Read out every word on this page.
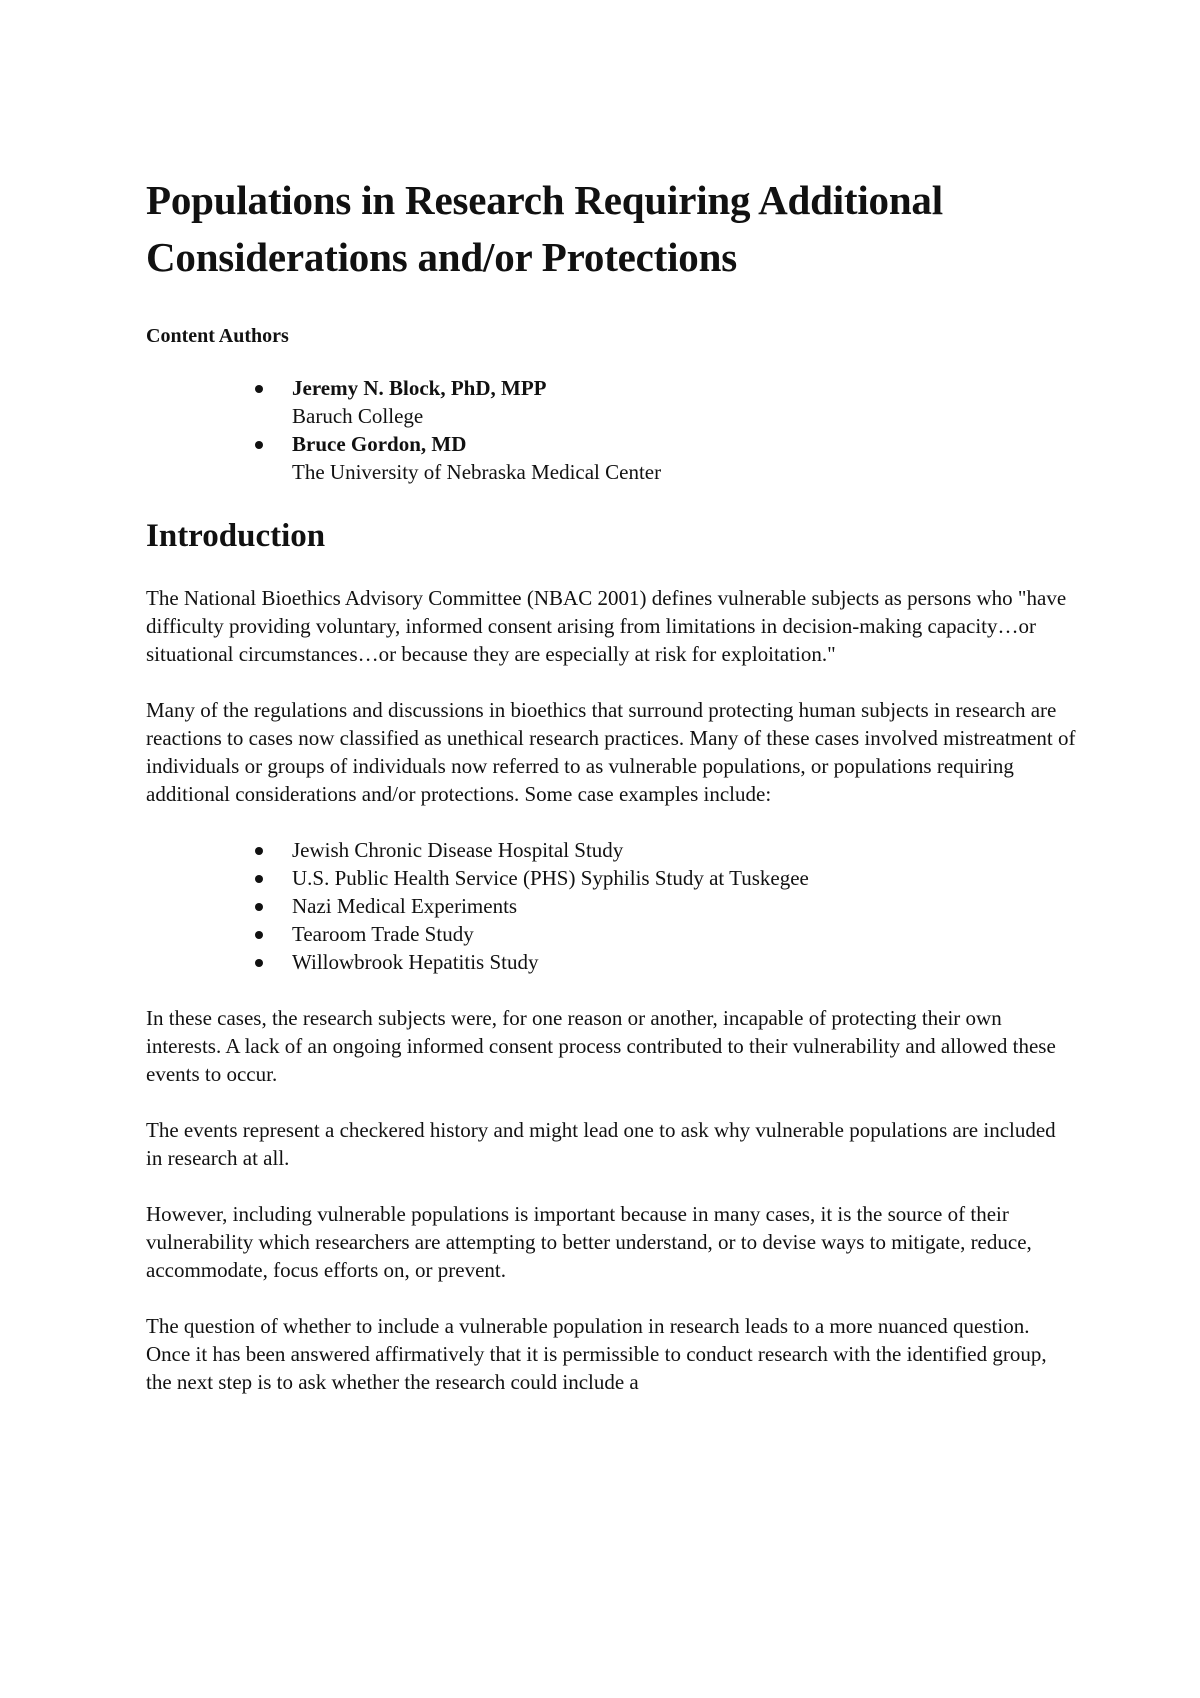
Populations in Research Requiring Additional Considerations and/or Protections
Content Authors
Jeremy N. Block, PhD, MPP
Baruch College
Bruce Gordon, MD
The University of Nebraska Medical Center
Introduction

The National Bioethics Advisory Committee (NBAC 2001) defines vulnerable subjects as persons who "have difficulty providing voluntary, informed consent arising from limitations in decision-making capacity…or situational circumstances…or because they are especially at risk for exploitation."

Many of the regulations and discussions in bioethics that surround protecting human subjects in research are reactions to cases now classified as unethical research practices. Many of these cases involved mistreatment of individuals or groups of individuals now referred to as vulnerable populations, or populations requiring additional considerations and/or protections. Some case examples include:

Jewish Chronic Disease Hospital Study
U.S. Public Health Service (PHS) Syphilis Study at Tuskegee
Nazi Medical Experiments
Tearoom Trade Study
Willowbrook Hepatitis Study

In these cases, the research subjects were, for one reason or another, incapable of protecting their own interests. A lack of an ongoing informed consent process contributed to their vulnerability and allowed these events to occur.

The events represent a checkered history and might lead one to ask why vulnerable populations are included in research at all.

However, including vulnerable populations is important because in many cases, it is the source of their vulnerability which researchers are attempting to better understand, or to devise ways to mitigate, reduce, accommodate, focus efforts on, or prevent.

The question of whether to include a vulnerable population in research leads to a more nuanced question. Once it has been answered affirmatively that it is permissible to conduct research with the identified group, the next step is to ask whether the research could include a
